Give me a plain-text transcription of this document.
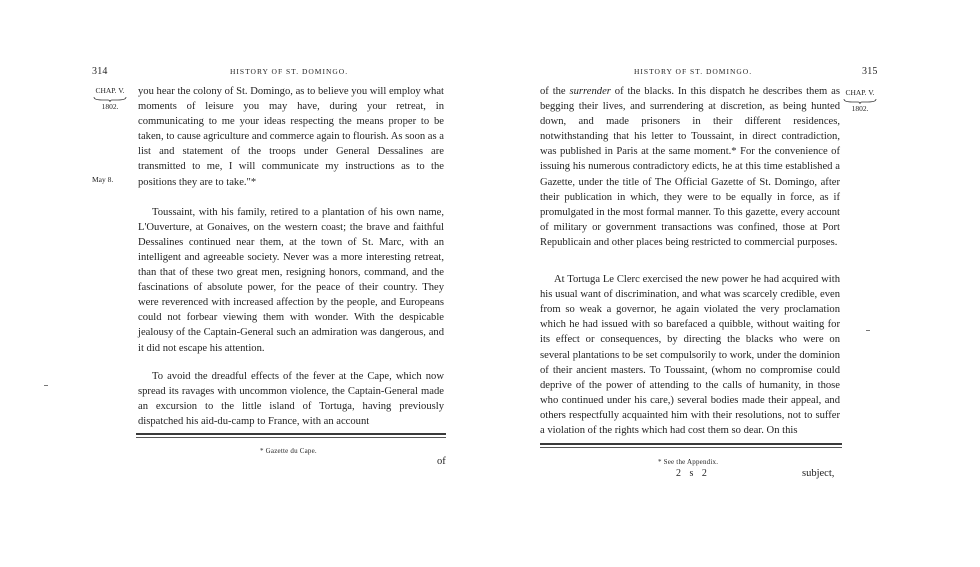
314	HISTORY OF ST. DOMINGO.
CHAP. V.
1802.
May 8.

you hear the colony of St. Domingo, as to believe you will employ what moments of leisure you may have, during your retreat, in communicating to me your ideas respecting the means proper to be taken, to cause agriculture and commerce again to flourish. As soon as a list and statement of the troops under General Dessalines are transmitted to me, I will communicate my instructions as to the positions they are to take."*

Toussaint, with his family, retired to a plantation of his own name, L'Ouverture, at Gonaives, on the western coast; the brave and faithful Dessalines continued near them, at the town of St. Marc, with an intelligent and agreeable society. Never was a more interesting retreat, than that of these two great men, resigning honors, command, and the fascinations of absolute power, for the peace of their country. They were reverenced with increased affection by the people, and Europeans could not forbear viewing them with wonder. With the despicable jealousy of the Captain-General such an admiration was dangerous, and it did not escape his attention.

To avoid the dreadful effects of the fever at the Cape, which now spread its ravages with uncommon violence, the Captain-General made an excursion to the little island of Tortuga, having previously dispatched his aid-du-camp to France, with an account

* Gazette du Cape.
of
HISTORY OF ST. DOMINGO.	315
CHAP. V.
1802.

of the surrender of the blacks. In this dispatch he describes them as begging their lives, and surrendering at discretion, as being hunted down, and made prisoners in their different residences, notwithstanding that his letter to Toussaint, in direct contradiction, was published in Paris at the same moment.* For the convenience of issuing his numerous contradictory edicts, he at this time established a Gazette, under the title of The Official Gazette of St. Domingo, after their publication in which, they were to be equally in force, as if promulgated in the most formal manner. To this gazette, every account of military or government transactions was confined, those at Port Republicain and other places being restricted to commercial purposes.

At Tortuga Le Clerc exercised the new power he had acquired with his usual want of discrimination, and what was scarcely credible, even from so weak a governor, he again violated the very proclamation which he had issued with so barefaced a quibble, without waiting for its effect or consequences, by directing the blacks who were on several plantations to be set compulsorily to work, under the dominion of their ancient masters. To Toussaint, (whom no compromise could deprive of the power of attending to the calls of humanity, in those who continued under his care,) several bodies made their appeal, and others respectfully acquainted him with their resolutions, not to suffer a violation of the rights which had cost them so dear. On this

* See the Appendix.
2 s 2	subject,
